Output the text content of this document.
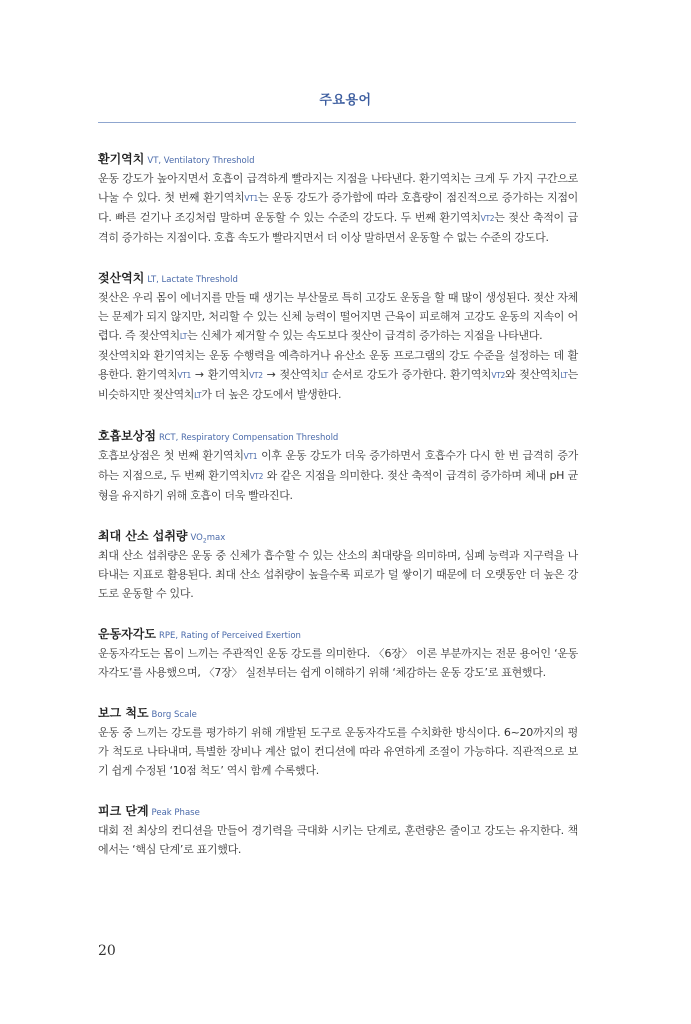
주요용어
환기역치 VT, Ventilatory Threshold
운동 강도가 높아지면서 호흡이 급격하게 빨라지는 지점을 나타낸다. 환기역치는 크게 두 가지 구간으로 나눌 수 있다. 첫 번째 환기역치VT1는 운동 강도가 증가함에 따라 호흡량이 점진적으로 증가하는 지점이다. 빠른 걷기나 조깅처럼 말하며 운동할 수 있는 수준의 강도다. 두 번째 환기역치VT2는 젖산 축적이 급격히 증가하는 지점이다. 호흡 속도가 빨라지면서 더 이상 말하면서 운동할 수 없는 수준의 강도다.
젖산역치 LT, Lactate Threshold
젖산은 우리 몸이 에너지를 만들 때 생기는 부산물로 특히 고강도 운동을 할 때 많이 생성된다. 젖산 자체는 문제가 되지 않지만, 처리할 수 있는 신체 능력이 떨어지면 근육이 피로해져 고강도 운동의 지속이 어렵다. 즉 젖산역치LT는 신체가 제거할 수 있는 속도보다 젖산이 급격히 증가하는 지점을 나타낸다.
젖산역치와 환기역치는 운동 수행력을 예측하거나 유산소 운동 프로그램의 강도 수준을 설정하는 데 활용한다. 환기역치VT1 → 환기역치VT2 → 젖산역치LT 순서로 강도가 증가한다. 환기역치VT2와 젖산역치LT는 비슷하지만 젖산역치LT가 더 높은 강도에서 발생한다.
호흡보상점 RCT, Respiratory Compensation Threshold
호흡보상점은 첫 번째 환기역치VT1 이후 운동 강도가 더욱 증가하면서 호흡수가 다시 한 번 급격히 증가하는 지점으로, 두 번째 환기역치VT2 와 같은 지점을 의미한다. 젖산 축적이 급격히 증가하며 체내 pH 균형을 유지하기 위해 호흡이 더욱 빨라진다.
최대 산소 섭취량 $VO_2\max$
최대 산소 섭취량은 운동 중 신체가 흡수할 수 있는 산소의 최대량을 의미하며, 심폐 능력과 지구력을 나타내는 지표로 활용된다. 최대 산소 섭취량이 높을수록 피로가 덜 쌓이기 때문에 더 오랫동안 더 높은 강도로 운동할 수 있다.
운동자각도 RPE, Rating of Perceived Exertion
운동자각도는 몸이 느끼는 주관적인 운동 강도를 의미한다. 〈6장〉 이론 부분까지는 전문 용어인 ‘운동자각도’를 사용했으며, 〈7장〉 실전부터는 쉽게 이해하기 위해 ‘체감하는 운동 강도’로 표현했다.
보그 척도 Borg Scale
운동 중 느끼는 강도를 평가하기 위해 개발된 도구로 운동자각도를 수치화한 방식이다. 6~20까지의 평가 척도로 나타내며, 특별한 장비나 계산 없이 컨디션에 따라 유연하게 조절이 가능하다. 직관적으로 보기 쉽게 수정된 ‘10점 척도’ 역시 함께 수록했다.
피크 단계 Peak Phase
대회 전 최상의 컨디션을 만들어 경기력을 극대화 시키는 단계로, 훈련량은 줄이고 강도는 유지한다. 책에서는 ‘핵심 단계’로 표기했다.
20
